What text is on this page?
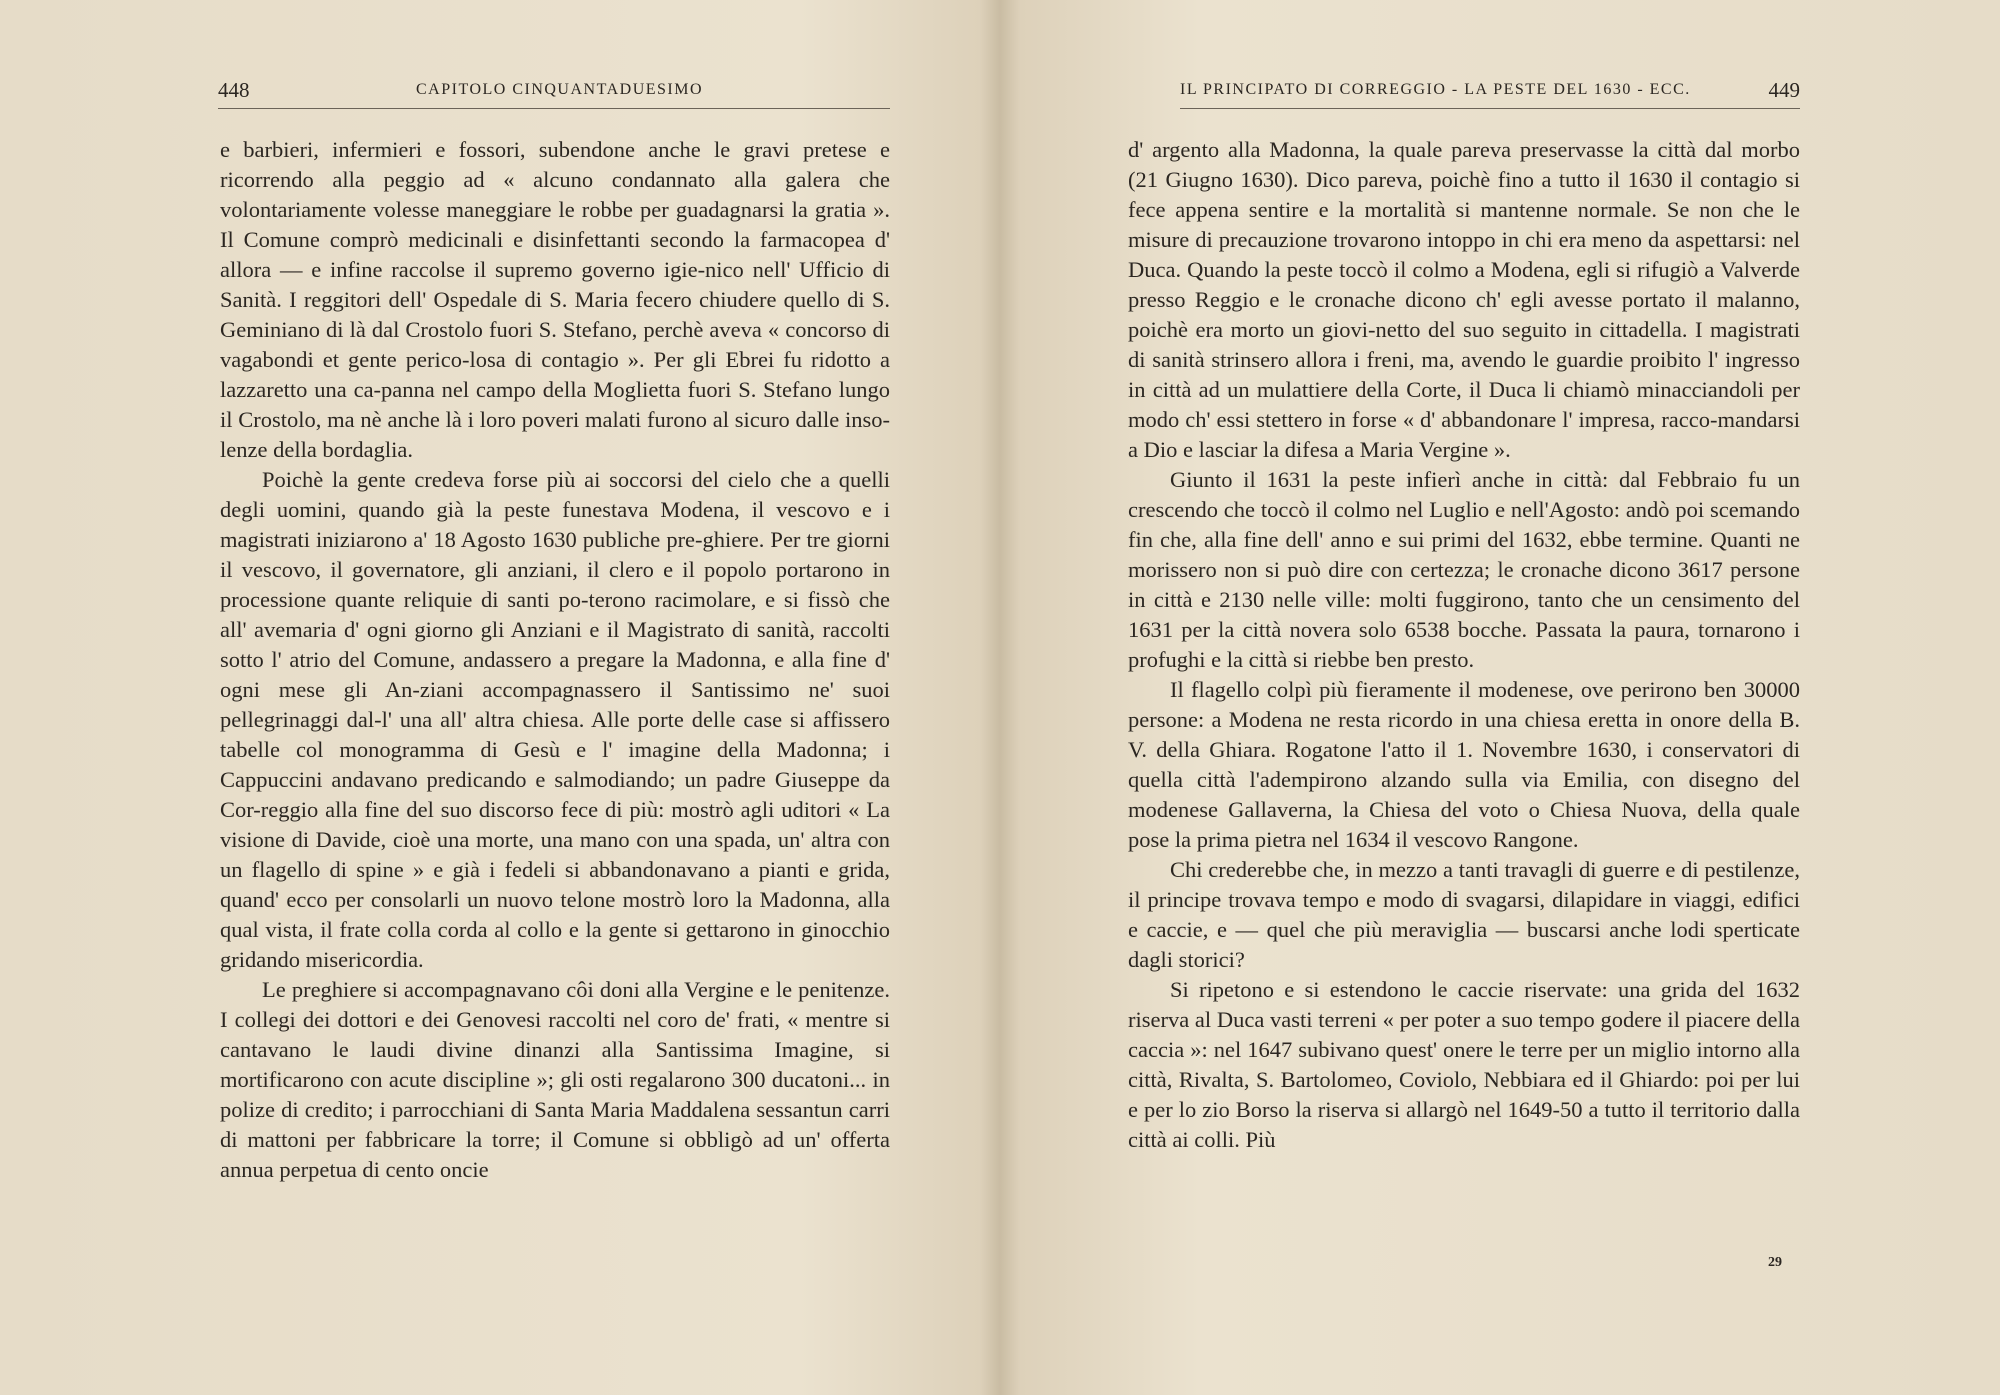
448	CAPITOLO CINQUANTADUESIMO

e barbieri, infermieri e fossori, subendone anche le gravi pretese e ricorrendo alla peggio ad « alcuno condannato alla galera che volontariamente volesse maneggiare le robbe per guadagnarsi la gratia ». Il Comune comprò medicinali e disinfettanti secondo la farmacopea d' allora — e infine raccolse il supremo governo igie-nico nell' Ufficio di Sanità. I reggitori dell' Ospedale di S. Maria fecero chiudere quello di S. Geminiano di là dal Crostolo fuori S. Stefano, perchè aveva « concorso di vagabondi et gente perico-losa di contagio ». Per gli Ebrei fu ridotto a lazzaretto una ca-panna nel campo della Moglietta fuori S. Stefano lungo il Crostolo, ma nè anche là i loro poveri malati furono al sicuro dalle inso-lenze della bordaglia.

Poichè la gente credeva forse più ai soccorsi del cielo che a quelli degli uomini, quando già la peste funestava Modena, il vescovo e i magistrati iniziarono a' 18 Agosto 1630 publiche pre-ghiere. Per tre giorni il vescovo, il governatore, gli anziani, il clero e il popolo portarono in processione quante reliquie di santi po-terono racimolare, e si fissò che all' avemaria d' ogni giorno gli Anziani e il Magistrato di sanità, raccolti sotto l' atrio del Comune, andassero a pregare la Madonna, e alla fine d' ogni mese gli An-ziani accompagnassero il Santissimo ne' suoi pellegrinaggi dal-l' una all' altra chiesa. Alle porte delle case si affissero tabelle col monogramma di Gesù e l' imagine della Madonna; i Cappuccini andavano predicando e salmodiando; un padre Giuseppe da Cor-reggio alla fine del suo discorso fece di più: mostrò agli uditori « La visione di Davide, cioè una morte, una mano con una spada, un' altra con un flagello di spine » e già i fedeli si abbandonavano a pianti e grida, quand' ecco per consolarli un nuovo telone mostrò loro la Madonna, alla qual vista, il frate colla corda al collo e la gente si gettarono in ginocchio gridando misericordia.

Le preghiere si accompagnavano côi doni alla Vergine e le penitenze. I collegi dei dottori e dei Genovesi raccolti nel coro de' frati, « mentre si cantavano le laudi divine dinanzi alla Santissima Imagine, si mortificarono con acute discipline »; gli osti regalarono 300 ducatoni... in polize di credito; i parrocchiani di Santa Maria Maddalena sessantun carri di mattoni per fabbricare la torre; il Comune si obbligò ad un' offerta annua perpetua di cento oncie

IL PRINCIPATO DI CORREGGIO - LA PESTE DEL 1630 - ECC.	449

d' argento alla Madonna, la quale pareva preservasse la città dal morbo (21 Giugno 1630). Dico pareva, poichè fino a tutto il 1630 il contagio si fece appena sentire e la mortalità si mantenne normale. Se non che le misure di precauzione trovarono intoppo in chi era meno da aspettarsi: nel Duca. Quando la peste toccò il colmo a Modena, egli si rifugiò a Valverde presso Reggio e le cronache dicono ch' egli avesse portato il malanno, poichè era morto un giovi-netto del suo seguito in cittadella. I magistrati di sanità strinsero allora i freni, ma, avendo le guardie proibito l' ingresso in città ad un mulattiere della Corte, il Duca li chiamò minacciandoli per modo ch' essi stettero in forse « d' abbandonare l' impresa, racco-mandarsi a Dio e lasciar la difesa a Maria Vergine ».

Giunto il 1631 la peste infierì anche in città: dal Febbraio fu un crescendo che toccò il colmo nel Luglio e nell'Agosto: andò poi scemando fin che, alla fine dell' anno e sui primi del 1632, ebbe termine. Quanti ne morissero non si può dire con certezza; le cronache dicono 3617 persone in città e 2130 nelle ville: molti fuggirono, tanto che un censimento del 1631 per la città novera solo 6538 bocche. Passata la paura, tornarono i profughi e la città si riebbe ben presto.

Il flagello colpì più fieramente il modenese, ove perirono ben 30000 persone: a Modena ne resta ricordo in una chiesa eretta in onore della B. V. della Ghiara. Rogatone l'atto il 1. Novembre 1630, i conservatori di quella città l'adempirono alzando sulla via Emilia, con disegno del modenese Gallaverna, la Chiesa del voto o Chiesa Nuova, della quale pose la prima pietra nel 1634 il vescovo Rangone.

Chi crederebbe che, in mezzo a tanti travagli di guerre e di pestilenze, il principe trovava tempo e modo di svagarsi, dilapidare in viaggi, edifici e caccie, e — quel che più meraviglia — buscarsi anche lodi sperticate dagli storici?

Si ripetono e si estendono le caccie riservate: una grida del 1632 riserva al Duca vasti terreni « per poter a suo tempo godere il piacere della caccia »: nel 1647 subivano quest' onere le terre per un miglio intorno alla città, Rivalta, S. Bartolomeo, Coviolo, Nebbiara ed il Ghiardo: poi per lui e per lo zio Borso la riserva si allargò nel 1649-50 a tutto il territorio dalla città ai colli. Più

29
